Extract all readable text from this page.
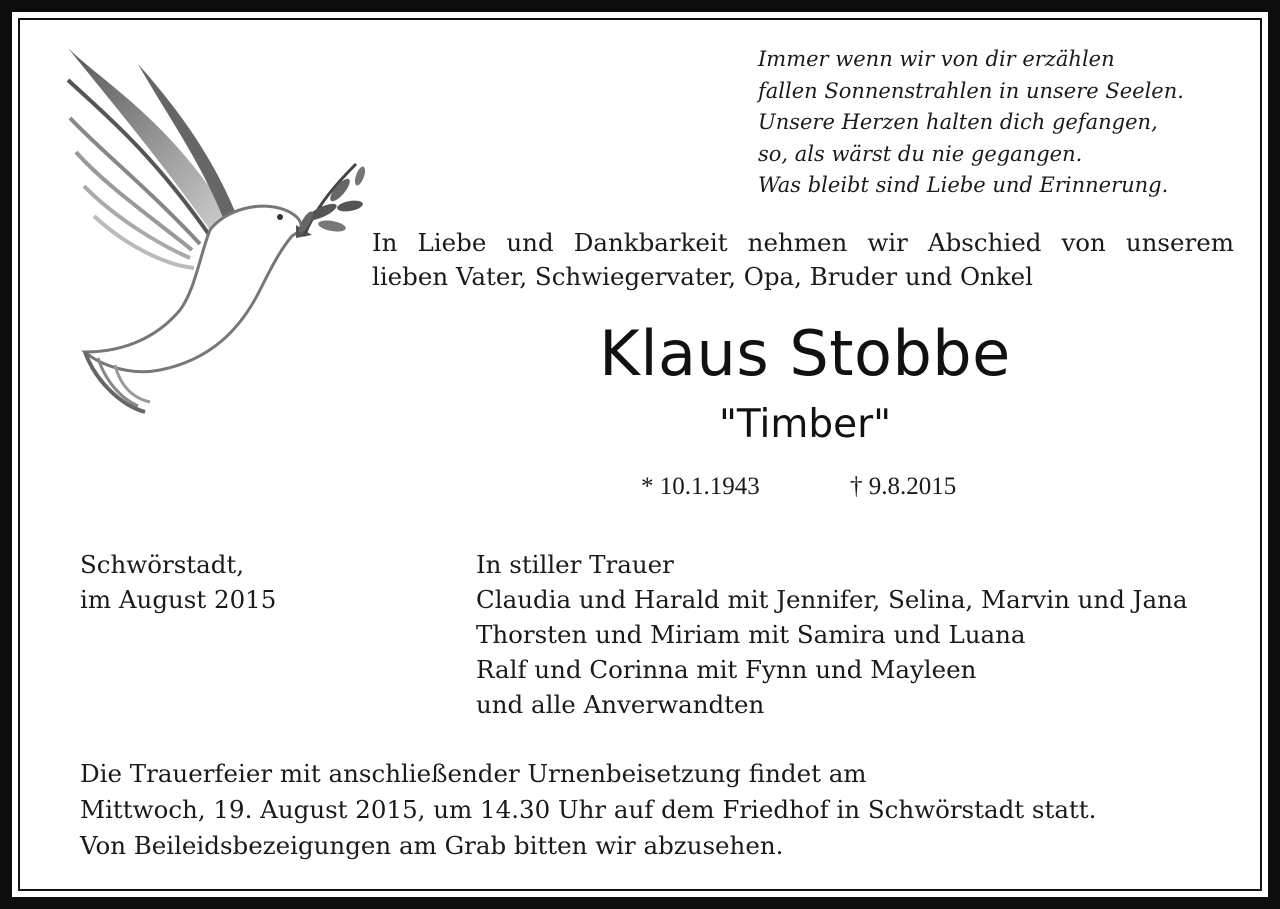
Immer wenn wir von dir erzählen
fallen Sonnenstrahlen in unsere Seelen.
Unsere Herzen halten dich gefangen,
so, als wärst du nie gegangen.
Was bleibt sind Liebe und Erinnerung.
In Liebe und Dankbarkeit nehmen wir Abschied von unserem
lieben Vater, Schwiegervater, Opa, Bruder und Onkel
Klaus Stobbe
"Timber"
* 10.1.1943	† 9.8.2015
Schwörstadt,
im August 2015
In stiller Trauer
Claudia und Harald mit Jennifer, Selina, Marvin und Jana
Thorsten und Miriam mit Samira und Luana
Ralf und Corinna mit Fynn und Mayleen
und alle Anverwandten
Die Trauerfeier mit anschließender Urnenbeisetzung findet am
Mittwoch, 19. August 2015, um 14.30 Uhr auf dem Friedhof in Schwörstadt statt.
Von Beileidsbezeigungen am Grab bitten wir abzusehen.
